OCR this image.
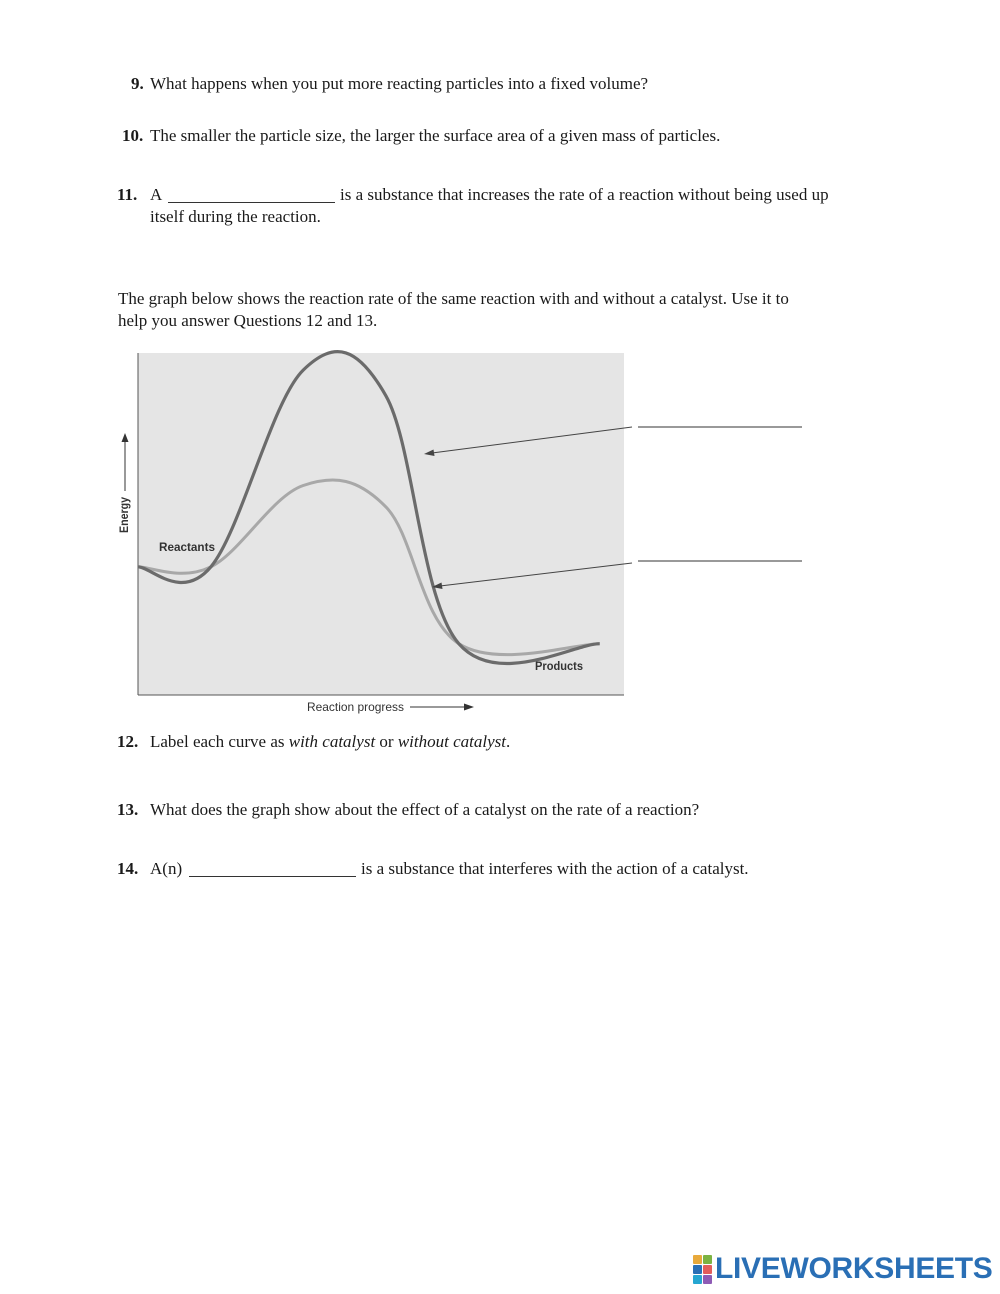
9. What happens when you put more reacting particles into a fixed volume?
10. The smaller the particle size, the larger the surface area of a given mass of particles.
11. A	is a substance that increases the rate of a reaction without being used up
itself during the reaction.
The graph below shows the reaction rate of the same reaction with and without a catalyst. Use it to
help you answer Questions 12 and 13.
Reactants
Products
Energy
Reaction progress
12. Label each curve as with catalyst or without catalyst.
13. What does the graph show about the effect of a catalyst on the rate of a reaction?
14. A(n)	is a substance that interferes with the action of a catalyst.
LIVEWORKSHEETS
